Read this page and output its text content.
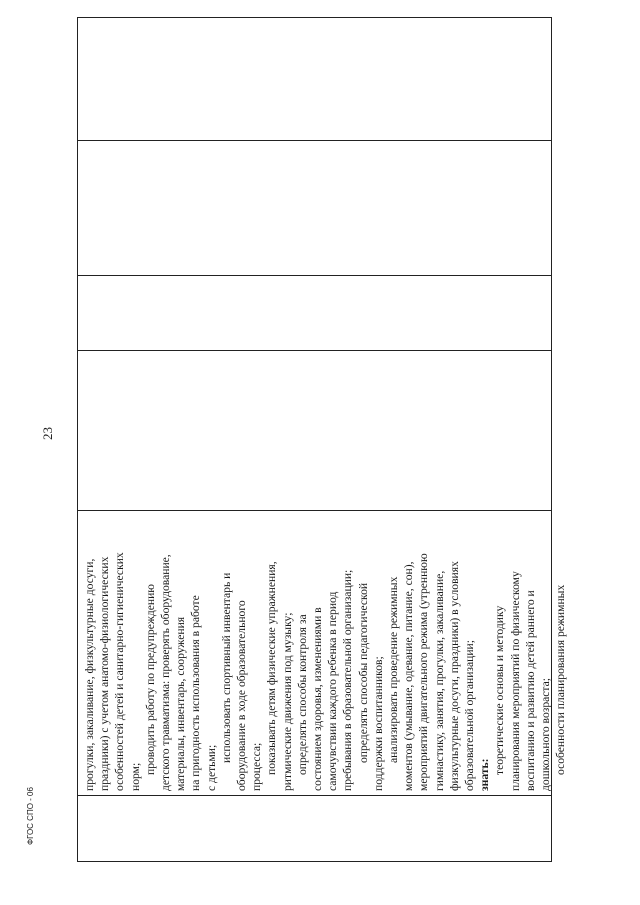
прогулки, закаливание, физкультурные досуги, праздники) с учетом анатомо-физиологических особенностей детей и санитарно-гигиенических норм;

проводить работу по предупреждению детского травматизма: проверять оборудование, материалы, инвентарь, сооружения на пригодность использования в работе с детьми;

использовать спортивный инвентарь и оборудование в ходе образовательного процесса; показывать детям физические упражнения, ритмические движения под музыку; определять способы контроля за состоянием здоровья, изменениями в самочувствии каждого ребенка в период пребывания в образовательной организации; определять способы педагогической поддержки воспитанников; анализировать проведение режимных моментов (умывание, одевание, питание, сон), мероприятий двигательного режима (утреннюю гимнастику, занятия, прогулки, закаливание, физкультурные досуги, праздники) в условиях образовательной организации; знать: теоретические основы и методику планирования мероприятий по физическому воспитанию и развитию детей раннего и дошкольного возраста; особенности планирования режимных

23
ФГОС СПО - 06
